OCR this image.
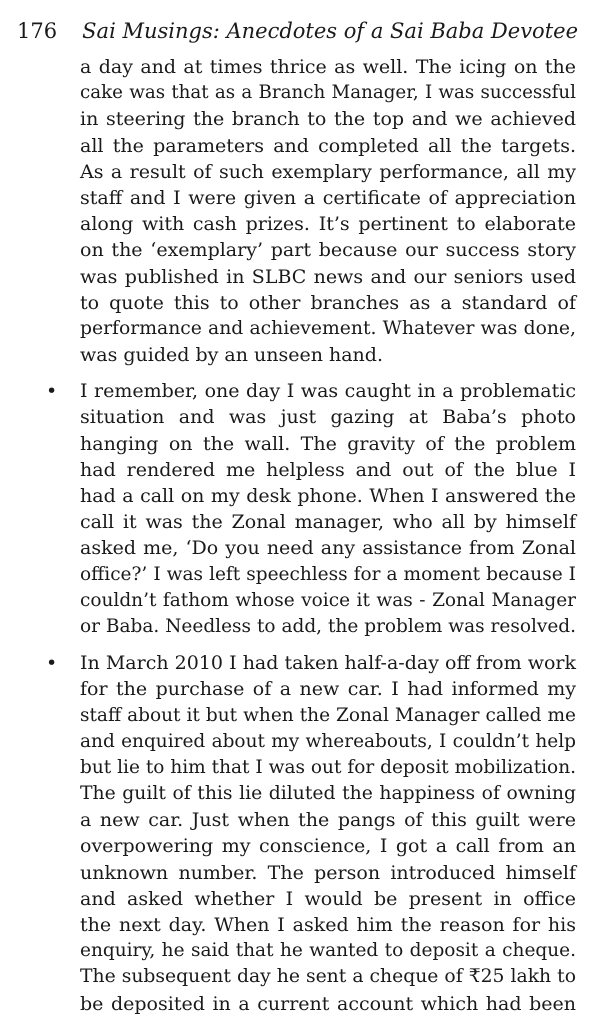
176 Sai Musings: Anecdotes of a Sai Baba Devotee
a day and at times thrice as well. The icing on the
cake was that as a Branch Manager, I was successful
in steering the branch to the top and we achieved
all the parameters and completed all the targets.
As a result of such exemplary performance, all my
staff and I were given a certificate of appreciation
along with cash prizes. It’s pertinent to elaborate
on the ‘exemplary’ part because our success story
was published in SLBC news and our seniors used
to quote this to other branches as a standard of
performance and achievement. Whatever was done,
was guided by an unseen hand.
• I remember, one day I was caught in a problematic
situation and was just gazing at Baba’s photo
hanging on the wall. The gravity of the problem
had rendered me helpless and out of the blue I
had a call on my desk phone. When I answered the
call it was the Zonal manager, who all by himself
asked me, ‘Do you need any assistance from Zonal
office?’ I was left speechless for a moment because I
couldn’t fathom whose voice it was - Zonal Manager
or Baba. Needless to add, the problem was resolved.
• In March 2010 I had taken half-a-day off from work
for the purchase of a new car. I had informed my
staff about it but when the Zonal Manager called me
and enquired about my whereabouts, I couldn’t help
but lie to him that I was out for deposit mobilization.
The guilt of this lie diluted the happiness of owning
a new car. Just when the pangs of this guilt were
overpowering my conscience, I got a call from an
unknown number. The person introduced himself
and asked whether I would be present in office
the next day. When I asked him the reason for his
enquiry, he said that he wanted to deposit a cheque.
The subsequent day he sent a cheque of ₹25 lakh to
be deposited in a current account which had been
